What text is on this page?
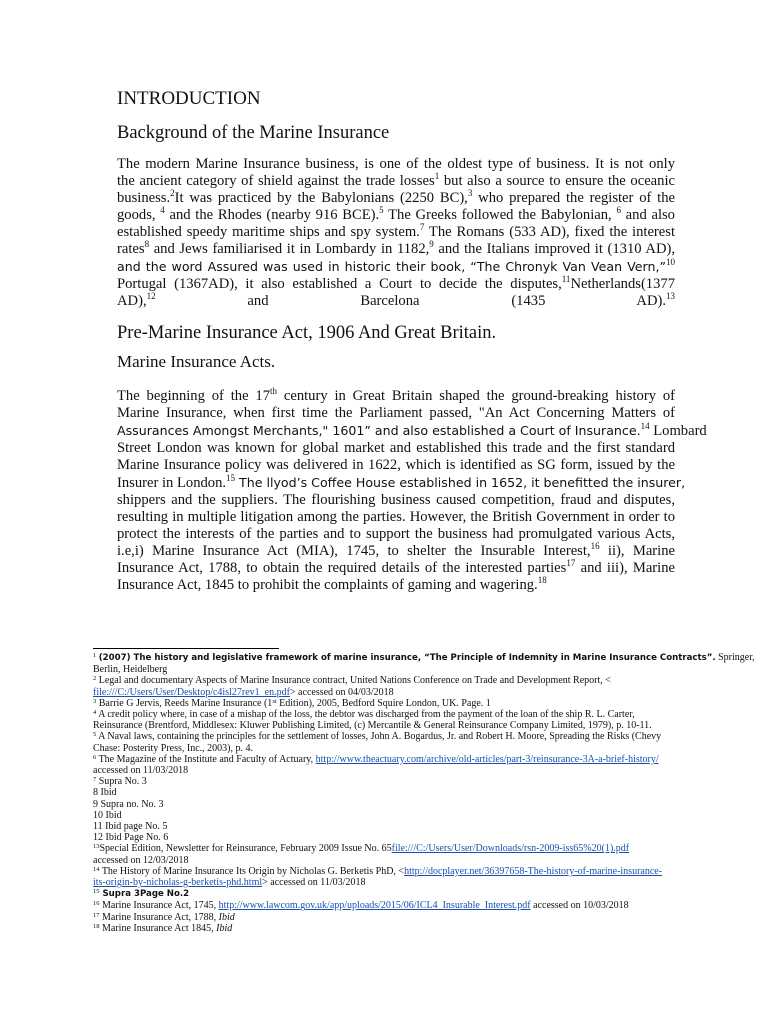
INTRODUCTION
Background of the Marine Insurance
The modern Marine Insurance business, is one of the oldest type of business. It is not only
the ancient category of shield against the trade losses$^1$ but also a source to ensure the oceanic
business.$^2$It was practiced by the Babylonians (2250 BC),$^3$ who prepared the register of the
goods, $^4$ and the Rhodes (nearby 916 BCE).$^5$ The Greeks followed the Babylonian, $^6$ and also
established speedy maritime ships and spy system.$^7$ The Romans (533 AD), fixed the interest
rates$^8$ and Jews familiarised it in Lombardy in 1182,$^9$ and the Italians improved it (1310 AD),
and the word Assured was used in historic their book, “The Chronyk Van Vean Vern,”$^{10}$
Portugal (1367AD), it also established a Court to decide the disputes,$^{11}$Netherlands(1377
AD),$^{12}$ and Barcelona (1435 AD).$^{13}$
Pre-Marine Insurance Act, 1906 And Great Britain.
Marine Insurance Acts.
The beginning of the 17th century in Great Britain shaped the ground-breaking history of
Marine Insurance, when first time the Parliament passed, "An Act Concerning Matters of
Assurances Amongst Merchants," 1601” and also established a Court of Insurance.$^{14}$ Lombard
Street London was known for global market and established this trade and the first standard
Marine Insurance policy was delivered in 1622, which is identified as SG form, issued by the
Insurer in London.$^{15}$ The llyod’s Coffee House established in 1652, it benefitted the insurer,
shippers and the suppliers. The flourishing business caused competition, fraud and disputes,
resulting in multiple litigation among the parties. However, the British Government in order to
protect the interests of the parties and to support the business had promulgated various Acts,
i.e,i) Marine Insurance Act (MIA), 1745, to shelter the Insurable Interest,$^{16}$ ii), Marine
Insurance Act, 1788, to obtain the required details of the interested parties$^{17}$ and iii), Marine
Insurance Act, 1845 to prohibit the complaints of gaming and wagering.$^{18}$
$^1$ (2007) The history and legislative framework of marine insurance, “The Principle of Indemnity in Marine Insurance Contracts”. Springer,
Berlin, Heidelberg
$^2$ Legal and documentary Aspects of Marine Insurance contract, United Nations Conference on Trade and Development Report, <
file:///C:/Users/User/Desktop/c4isl27rev1_en.pdf> accessed on 04/03/2018
$^3$ Barrie G Jervis, Reeds Marine Insurance (1st Edition), 2005, Bedford Squire London, UK. Page. 1
$^4$ A credit policy where, in case of a mishap of the loss, the debtor was discharged from the payment of the loan of the ship R. L. Carter,
Reinsurance (Brentford, Middlesex: Kluwer Publishing Limited, (c) Mercantile & General Reinsurance Company Limited, 1979), p. 10-11.
$^5$ A Naval laws, containing the principles for the settlement of losses, John A. Bogardus, Jr. and Robert H. Moore, Spreading the Risks (Chevy
Chase: Posterity Press, Inc., 2003), p. 4.
$^6$ The Magazine of the Institute and Faculty of Actuary, http://www.theactuary.com/archive/old-articles/part-3/reinsurance-3A-a-brief-history/
accessed on 11/03/2018
$^7$ Supra No. 3
8 Ibid
9 Supra no. No. 3
10 Ibid
11 Ibid page No. 5
12 Ibid Page No. 6
$^{13}$Special Edition, Newsletter for Reinsurance, February 2009 Issue No. 65file:///C:/Users/User/Downloads/rsn-2009-iss65%20(1).pdf
accessed on 12/03/2018
$^{14}$ The History of Marine Insurance Its Origin by Nicholas G. Berketis PhD, <http://docplayer.net/36397658-The-history-of-marine-insurance-
its-origin-by-nicholas-g-berketis-phd.html> accessed on 11/03/2018
$^{15}$ Supra 3Page No.2
$^{16}$ Marine Insurance Act, 1745, http://www.lawcom.gov.uk/app/uploads/2015/06/ICL4_Insurable_Interest.pdf accessed on 10/03/2018
$^{17}$ Marine Insurance Act, 1788, Ibid
$^{18}$ Marine Insurance Act 1845, Ibid
